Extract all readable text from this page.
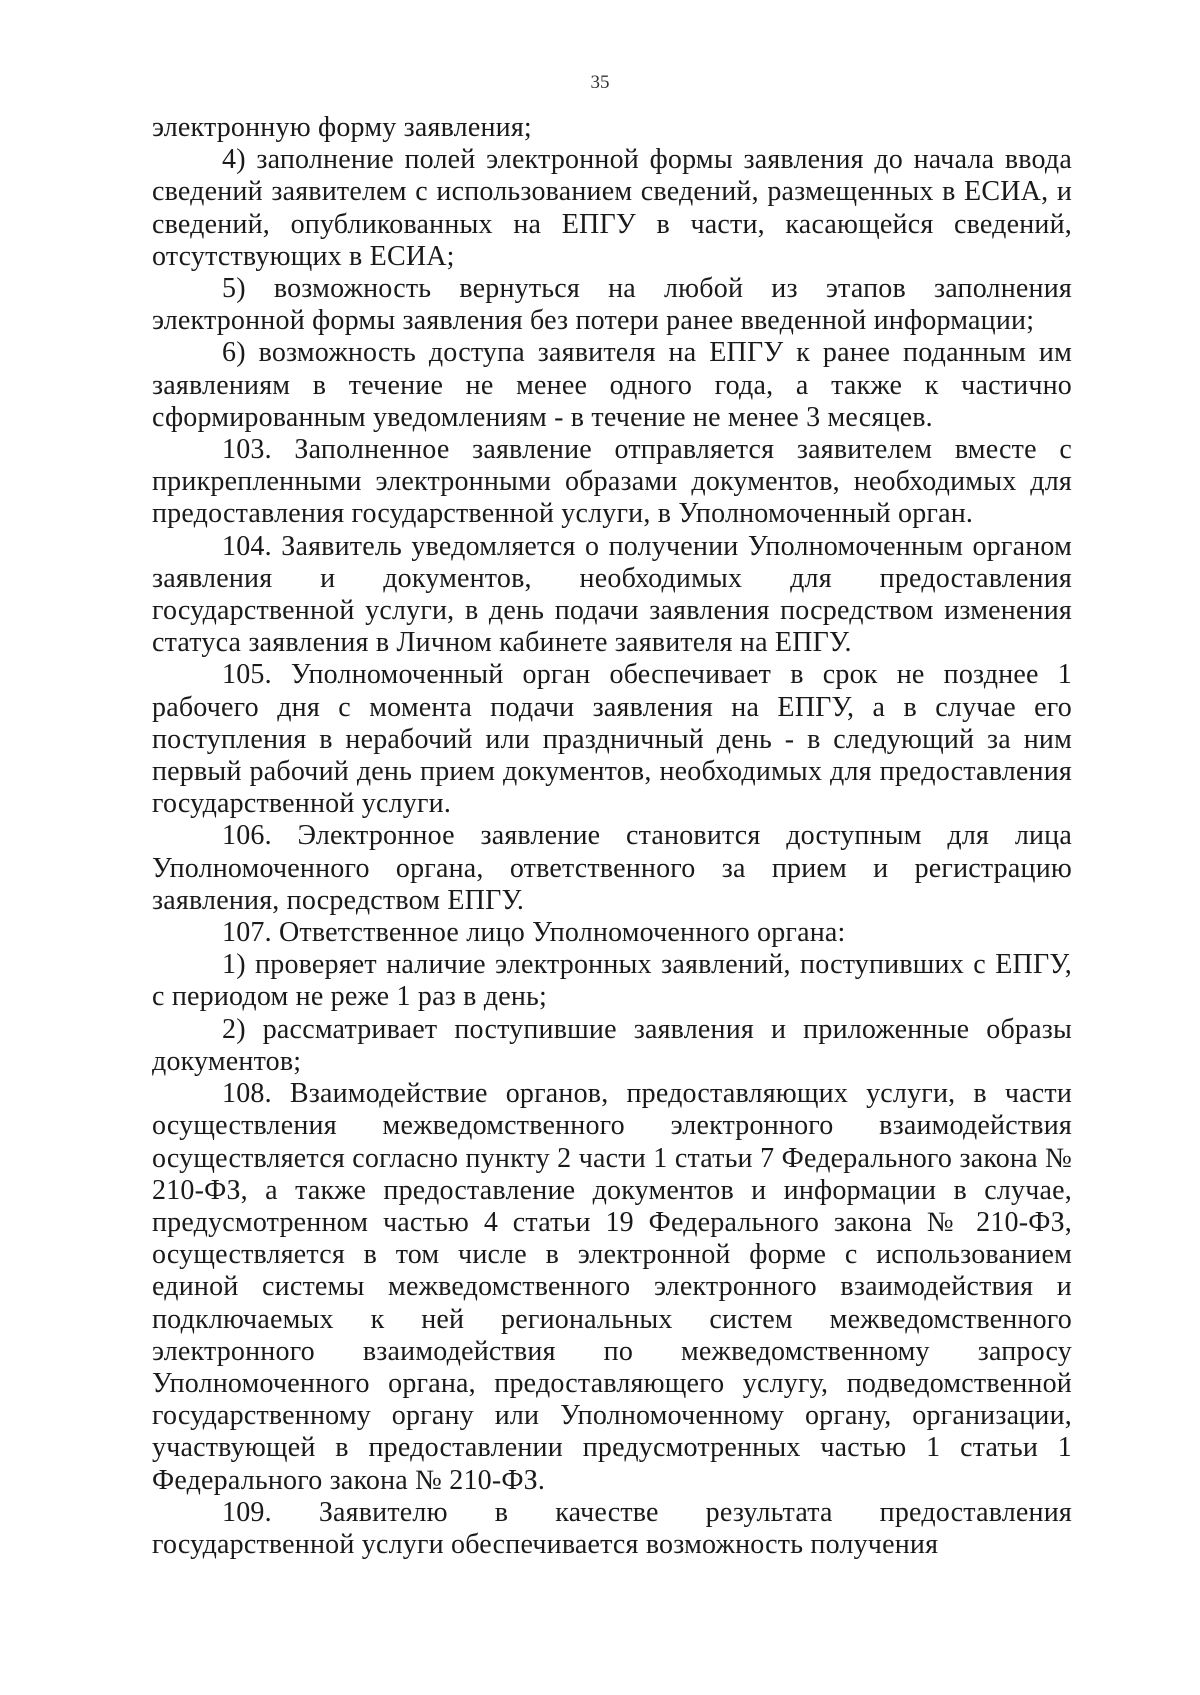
35

электронную форму заявления;

4) заполнение полей электронной формы заявления до начала ввода сведений заявителем с использованием сведений, размещенных в ЕСИА, и сведений, опубликованных на ЕПГУ в части, касающейся сведений, отсутствующих в ЕСИА;

5) возможность вернуться на любой из этапов заполнения электронной формы заявления без потери ранее введенной информации;

6) возможность доступа заявителя на ЕПГУ к ранее поданным им заявлениям в течение не менее одного года, а также к частично сформированным уведомлениям - в течение не менее 3 месяцев.

103. Заполненное заявление отправляется заявителем вместе с прикрепленными электронными образами документов, необходимых для предоставления государственной услуги, в Уполномоченный орган.

104. Заявитель уведомляется о получении Уполномоченным органом заявления и документов, необходимых для предоставления государственной услуги, в день подачи заявления посредством изменения статуса заявления в Личном кабинете заявителя на ЕПГУ.

105. Уполномоченный орган обеспечивает в срок не позднее 1 рабочего дня с момента подачи заявления на ЕПГУ, а в случае его поступления в нерабочий или праздничный день - в следующий за ним первый рабочий день прием документов, необходимых для предоставления государственной услуги.

106. Электронное заявление становится доступным для лица Уполномоченного органа, ответственного за прием и регистрацию заявления, посредством ЕПГУ.

107. Ответственное лицо Уполномоченного органа:

1) проверяет наличие электронных заявлений, поступивших с ЕПГУ, с периодом не реже 1 раз в день;

2) рассматривает поступившие заявления и приложенные образы документов;

108. Взаимодействие органов, предоставляющих услуги, в части осуществления межведомственного электронного взаимодействия осуществляется согласно пункту 2 части 1 статьи 7 Федерального закона № 210-ФЗ, а также предоставление документов и информации в случае, предусмотренном частью 4 статьи 19 Федерального закона № 210-ФЗ, осуществляется в том числе в электронной форме с использованием единой системы межведомственного электронного взаимодействия и подключаемых к ней региональных систем межведомственного электронного взаимодействия по межведомственному запросу Уполномоченного органа, предоставляющего услугу, подведомственной государственному органу или Уполномоченному органу, организации, участвующей в предоставлении предусмотренных частью 1 статьи 1 Федерального закона № 210-ФЗ.

109. Заявителю в качестве результата предоставления государственной услуги обеспечивается возможность получения
